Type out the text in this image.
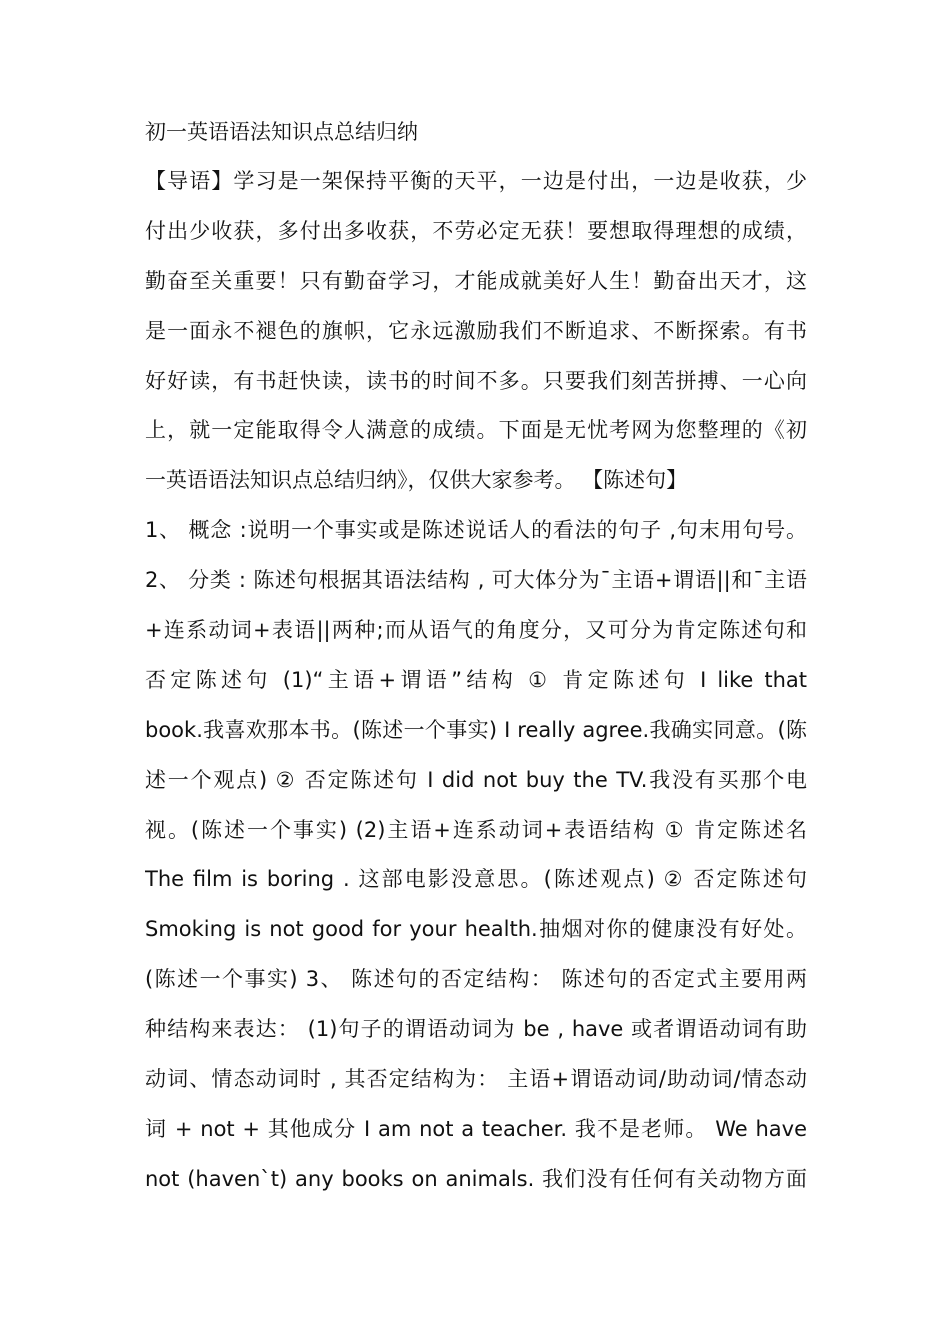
初一英语语法知识点总结归纳

【导语】学习是一架保持平衡的天平，一边是付出，一边是收获，少

付出少收获，多付出多收获，不劳必定无获！要想取得理想的成绩，

勤奋至关重要！只有勤奋学习，才能成就美好人生！勤奋出天才，这

是一面永不褪色的旗帜，它永远激励我们不断追求、不断探索。有书

好好读，有书赶快读，读书的时间不多。只要我们刻苦拼搏、一心向

上，就一定能取得令人满意的成绩。下面是无忧考网为您整理的《初

一英语语法知识点总结归纳》，仅供大家参考。 【陈述句】

1、 概念 :说明一个事实或是陈述说话人的看法的句子 ,句末用句号。

2、 分类 : 陈述句根据其语法结构 , 可大体分为¯主语+谓语||和¯主语

+连系动词+表语||两种;而从语气的角度分，又可分为肯定陈述句和

否定陈述句 (1)“主语+谓语”结构 ① 肯定陈述句 I like that

book.我喜欢那本书。(陈述一个事实) I really agree.我确实同意。(陈

述一个观点) ② 否定陈述句 I did not buy the TV.我没有买那个电

视。(陈述一个事实) (2)主语+连系动词+表语结构 ① 肯定陈述名

The film is boring . 这部电影没意思。(陈述观点) ② 否定陈述句

Smoking is not good for your health.抽烟对你的健康没有好处。

(陈述一个事实) 3、 陈述句的否定结构： 陈述句的否定式主要用两

种结构来表达： (1)句子的谓语动词为 be , have 或者谓语动词有助

动词、情态动词时 , 其否定结构为： 主语+谓语动词/助动词/情态动

词 + not + 其他成分 I am not a teacher. 我不是老师。 We have

not (haven`t) any books on animals. 我们没有任何有关动物方面
